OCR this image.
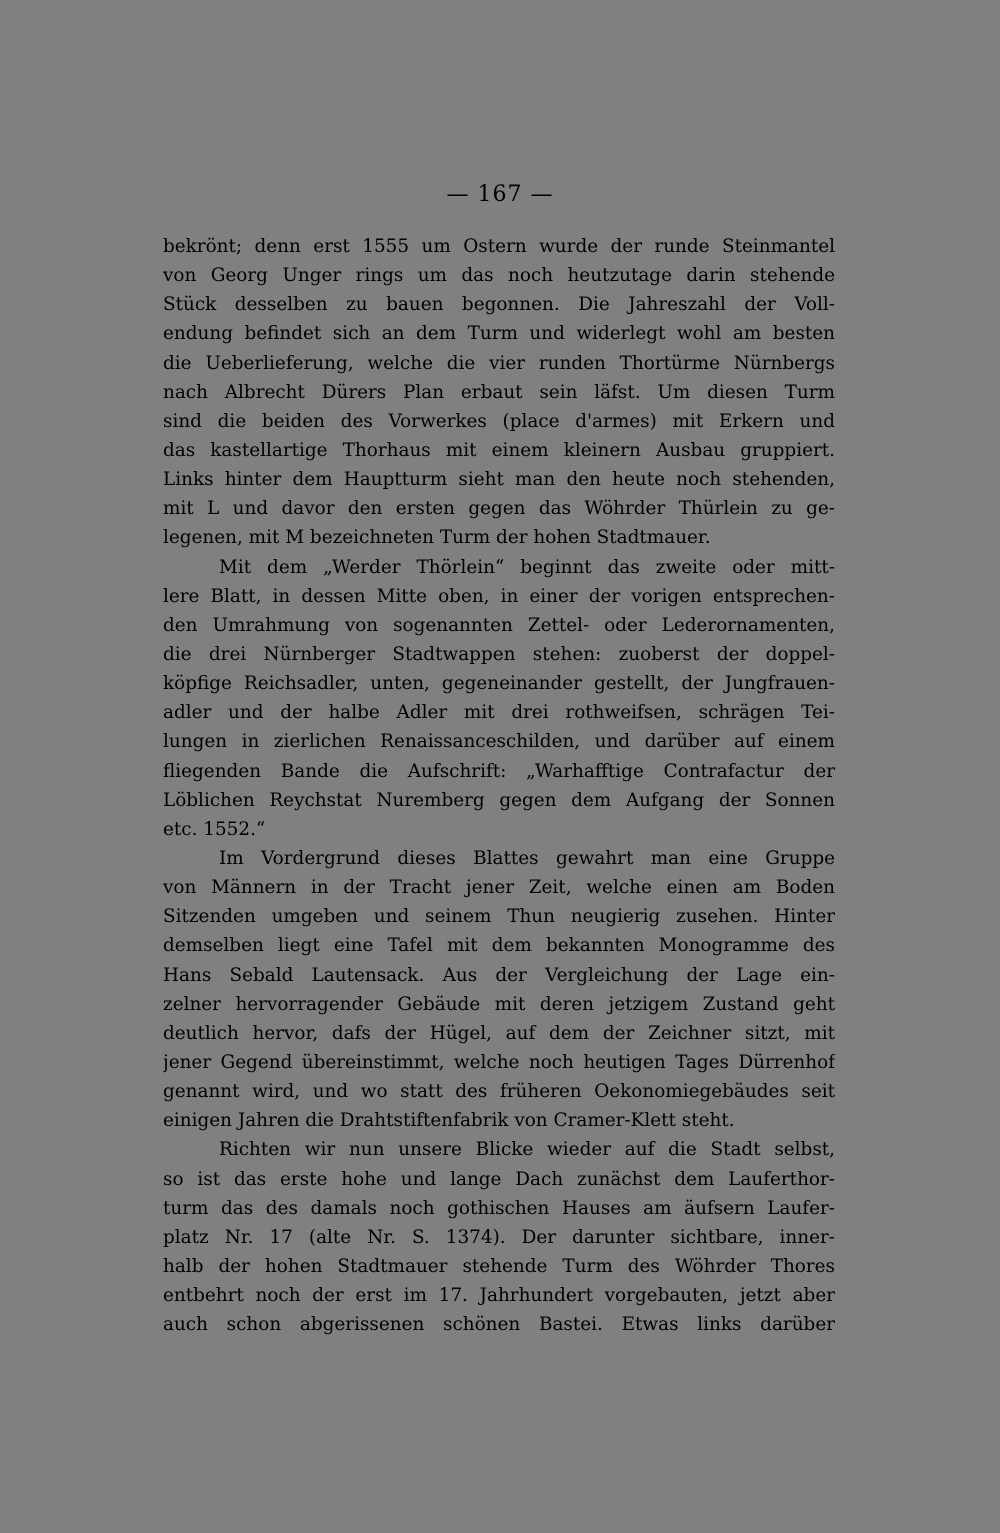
— 167 —
bekrönt; denn erst 1555 um Ostern wurde der runde Steinmantel
von Georg Unger rings um das noch heutzutage darin stehende
Stück desselben zu bauen begonnen. Die Jahreszahl der Voll-
endung befindet sich an dem Turm und widerlegt wohl am besten
die Ueberlieferung, welche die vier runden Thortürme Nürnbergs
nach Albrecht Dürers Plan erbaut sein läfst. Um diesen Turm
sind die beiden des Vorwerkes (place d'armes) mit Erkern und
das kastellartige Thorhaus mit einem kleinern Ausbau gruppiert.
Links hinter dem Hauptturm sieht man den heute noch stehenden,
mit L und davor den ersten gegen das Wöhrder Thürlein zu ge-
legenen, mit M bezeichneten Turm der hohen Stadtmauer.
Mit dem „Werder Thörlein“ beginnt das zweite oder mitt-
lere Blatt, in dessen Mitte oben, in einer der vorigen entsprechen-
den Umrahmung von sogenannten Zettel- oder Lederornamenten,
die drei Nürnberger Stadtwappen stehen: zuoberst der doppel-
köpfige Reichsadler, unten, gegeneinander gestellt, der Jungfrauen-
adler und der halbe Adler mit drei rothweifsen, schrägen Tei-
lungen in zierlichen Renaissanceschilden, und darüber auf einem
fliegenden Bande die Aufschrift: „Warhafftige Contrafactur der
Löblichen Reychstat Nuremberg gegen dem Aufgang der Sonnen
etc. 1552.“
Im Vordergrund dieses Blattes gewahrt man eine Gruppe
von Männern in der Tracht jener Zeit, welche einen am Boden
Sitzenden umgeben und seinem Thun neugierig zusehen. Hinter
demselben liegt eine Tafel mit dem bekannten Monogramme des
Hans Sebald Lautensack. Aus der Vergleichung der Lage ein-
zelner hervorragender Gebäude mit deren jetzigem Zustand geht
deutlich hervor, dafs der Hügel, auf dem der Zeichner sitzt, mit
jener Gegend übereinstimmt, welche noch heutigen Tages Dürrenhof
genannt wird, und wo statt des früheren Oekonomiegebäudes seit
einigen Jahren die Drahtstiftenfabrik von Cramer-Klett steht.
Richten wir nun unsere Blicke wieder auf die Stadt selbst,
so ist das erste hohe und lange Dach zunächst dem Lauferthor-
turm das des damals noch gothischen Hauses am äufsern Laufer-
platz Nr. 17 (alte Nr. S. 1374). Der darunter sichtbare, inner-
halb der hohen Stadtmauer stehende Turm des Wöhrder Thores
entbehrt noch der erst im 17. Jahrhundert vorgebauten, jetzt aber
auch schon abgerissenen schönen Bastei. Etwas links darüber
